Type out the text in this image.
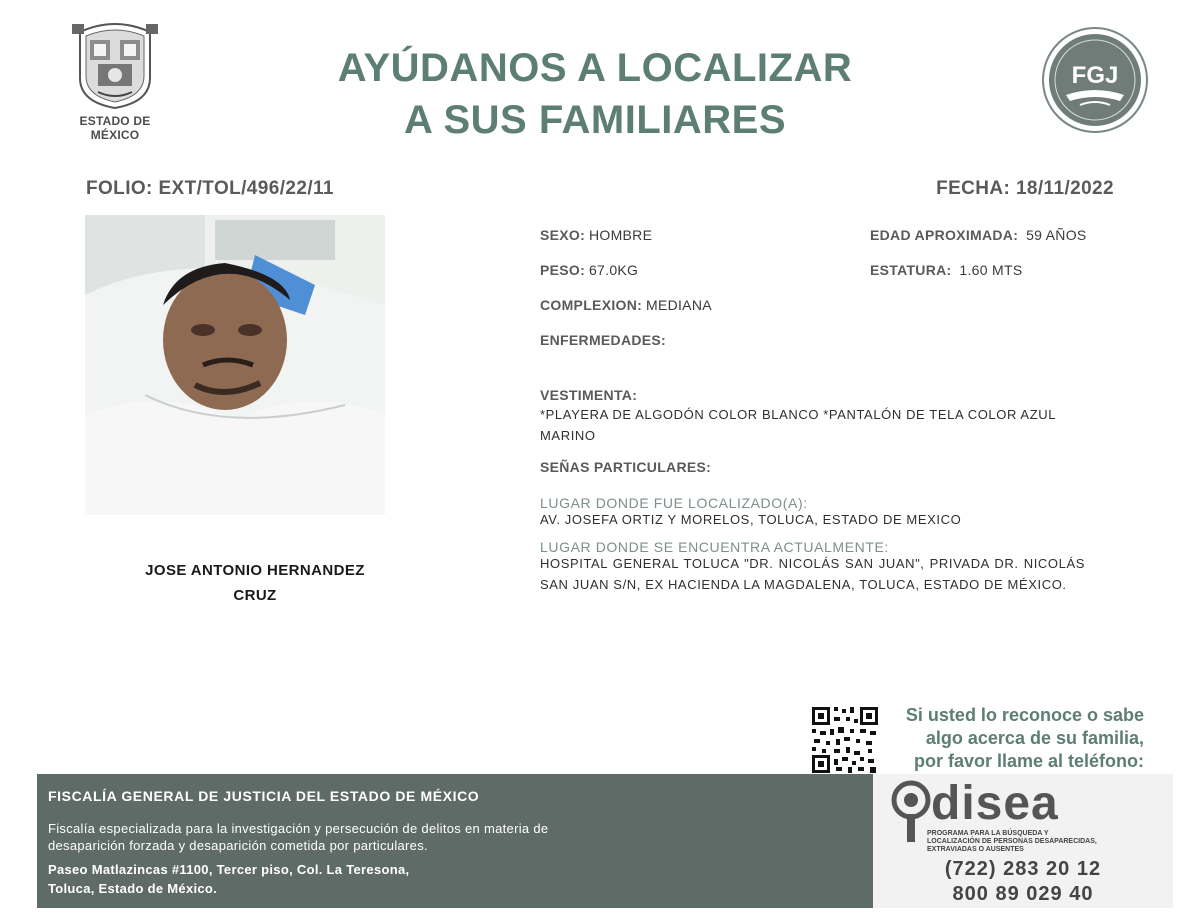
ESTADO DE MÉXICO
AYÚDANOS A LOCALIZAR
A SUS FAMILIARES
FGJ
FOLIO: EXT/TOL/496/22/11	FECHA: 18/11/2022
JOSE ANTONIO HERNANDEZ
CRUZ
SEXO: HOMBRE	EDAD APROXIMADA: 59 AÑOS
PESO: 67.0KG	ESTATURA: 1.60 MTS
COMPLEXION: MEDIANA
ENFERMEDADES:
VESTIMENTA:
*PLAYERA DE ALGODÓN COLOR BLANCO *PANTALÓN DE TELA COLOR AZUL MARINO
SEÑAS PARTICULARES:
LUGAR DONDE FUE LOCALIZADO(A):
AV. JOSEFA ORTIZ Y MORELOS, TOLUCA, ESTADO DE MEXICO
LUGAR DONDE SE ENCUENTRA ACTUALMENTE:
HOSPITAL GENERAL TOLUCA "DR. NICOLÁS SAN JUAN", PRIVADA DR. NICOLÁS SAN JUAN S/N, EX HACIENDA LA MAGDALENA, TOLUCA, ESTADO DE MÉXICO.
Si usted lo reconoce o sabe
algo acerca de su familia,
por favor llame al teléfono:
FISCALÍA GENERAL DE JUSTICIA DEL ESTADO DE MÉXICO
Fiscalía especializada para la investigación y persecución de delitos en materia de desaparición forzada y desaparición cometida por particulares.
Paseo Matlazincas #1100, Tercer piso, Col. La Teresona,
Toluca, Estado de México.
disea
PROGRAMA PARA LA BÚSQUEDA Y LOCALIZACIÓN DE PERSONAS DESAPARECIDAS, EXTRAVIADAS O AUSENTES
(722) 283 20 12
800 89 029 40
